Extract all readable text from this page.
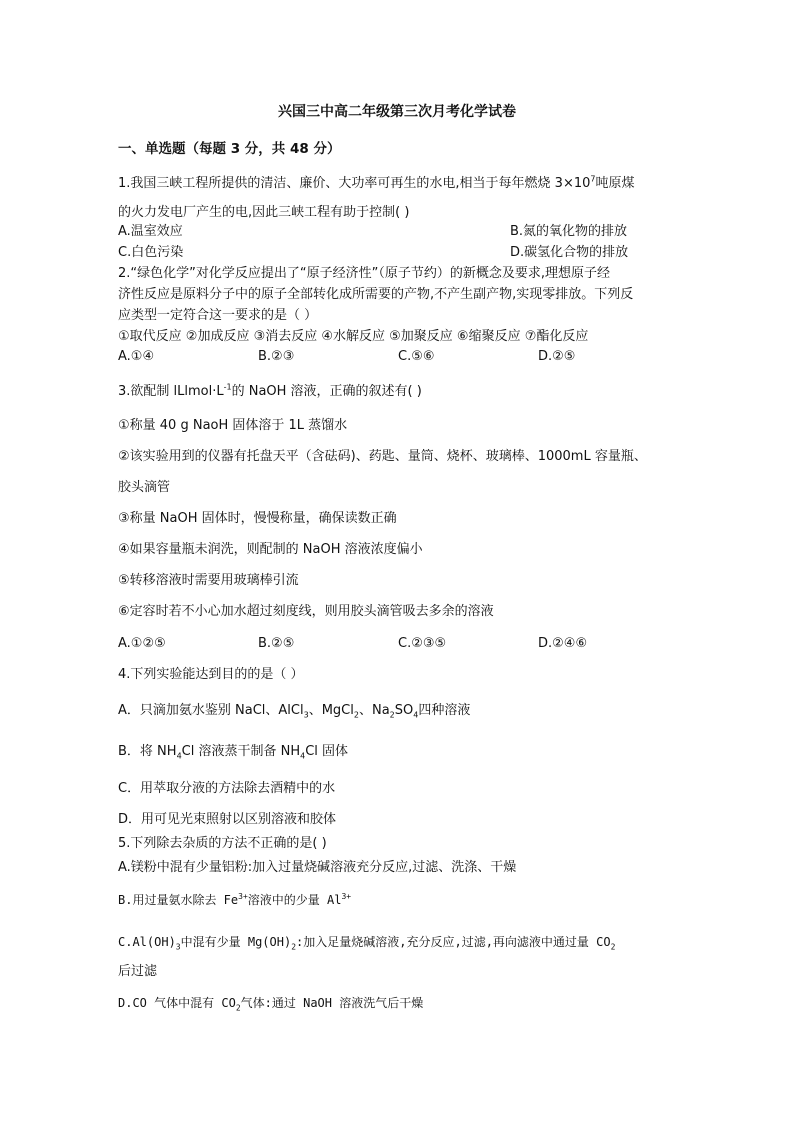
兴国三中高二年级第三次月考化学试卷
一、单选题（每题 3 分，共 48 分）
1.我国三峡工程所提供的清洁、廉价、大功率可再生的水电,相当于每年燃烧 $3\times 10^7$吨原煤
的火力发电厂产生的电,因此三峡工程有助于控制( )
A.温室效应	B.氮的氧化物的排放
C.白色污染	D.碳氢化合物的排放
2.“绿色化学”对化学反应提出了“原子经济性”（原子节约）的新概念及要求,理想原子经
济性反应是原料分子中的原子全部转化成所需要的产物,不产生副产物,实现零排放。下列反
应类型一定符合这一要求的是（ ）
①取代反应 ②加成反应 ③消去反应 ④水解反应 ⑤加聚反应 ⑥缩聚反应 ⑦酯化反应
A.①④	B.②③	C.⑤⑥	D.②⑤
3.欲配制 $lLlmol\cdot L^{-1}$的 NaOH 溶液，正确的叙述有( )
①称量 40 g NaoH 固体溶于 1L 蒸馏水
②该实验用到的仪器有托盘天平（含砝码)、药匙、量筒、烧杯、玻璃棒、1000mL 容量瓶、
胶头滴管
③称量 NaOH 固体时，慢慢称量，确保读数正确
④如果容量瓶未润洗，则配制的 NaOH 溶液浓度偏小
⑤转移溶液时需要用玻璃棒引流
⑥定容时若不小心加水超过刻度线，则用胶头滴管吸去多余的溶液
A.①②⑤	B.②⑤	C.②③⑤	D.②④⑥
4.下列实验能达到目的的是（ ）
A．只滴加氨水鉴别 NaCl、AlCl$_3$、MgCl$_2$、$Na_2SO_4$四种溶液
B．将 $NH_4Cl$ 溶液蒸干制备 $NH_4Cl$ 固体
C．用萃取分液的方法除去酒精中的水
D．用可见光束照射以区别溶液和胶体
5.下列除去杂质的方法不正确的是( )
A.镁粉中混有少量铝粉:加入过量烧碱溶液充分反应,过滤、洗涤、干燥
B.用过量氨水除去 $Fe^{3+}$溶液中的少量 $Al^{3+}$
$C.Al(OH)_3$中混有少量 $Mg(OH)_2$:加入足量烧碱溶液,充分反应,过滤,再向滤液中通过量 $CO_2$
后过滤
D.CO 气体中混有 $CO_2$气体:通过 NaOH 溶液洗气后干燥
